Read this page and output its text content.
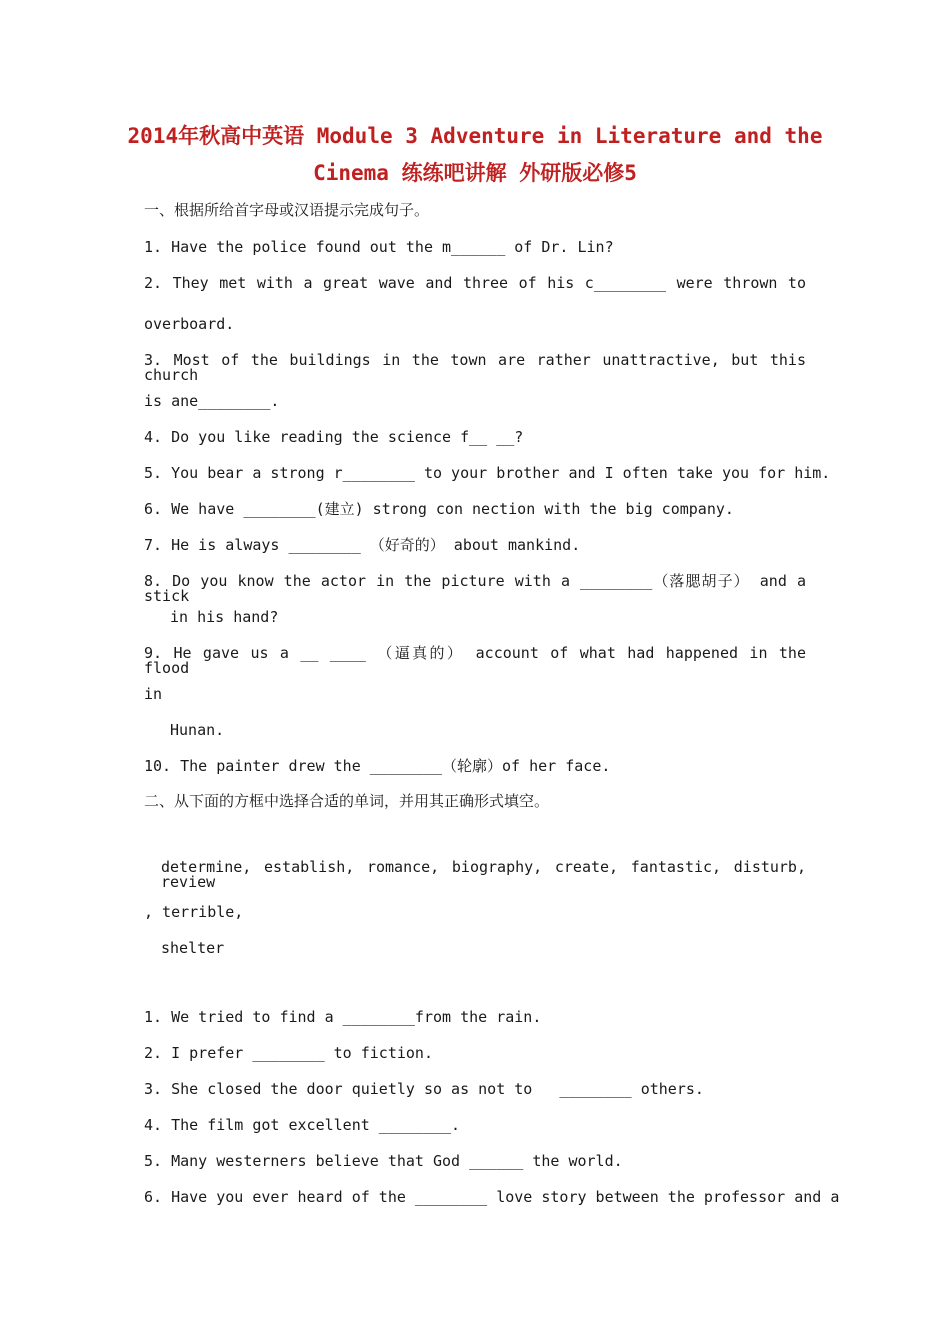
2014年秋高中英语 Module 3 Adventure in Literature and the
Cinema 练练吧讲解 外研版必修5
一、根据所给首字母或汉语提示完成句子。
1. Have the police found out the m______ of Dr. Lin?
2. They met with a great wave and three of his c________ were thrown to
overboard.
3. Most of the buildings in the town are rather unattractive, but this church
is ane________.
4. Do you like reading the science f__ __?
5. You bear a strong r________ to your brother and I often take you for him.
6. We have ________(建立) strong con nection with the big company.
7. He is always ________ （好奇的） about mankind.
8. Do you know the actor in the picture with a ________（落腮胡子） and a stick
in his hand?
9. He gave us a __ ____ （逼真的） account of what had happened in the flood
in
Hunan.
10. The painter drew the ________（轮廓）of her face.
二、从下面的方框中选择合适的单词，并用其正确形式填空。
determine, establish, romance, biography, create, fantastic, disturb, review
, terrible,
shelter
1. We tried to find a ________from the rain.
2. I prefer ________ to fiction.
3. She closed the door quietly so as not to   ________ others.
4. The film got excellent ________.
5. Many westerners believe that God ______ the world.
6. Have you ever heard of the ________ love story between the professor and a
